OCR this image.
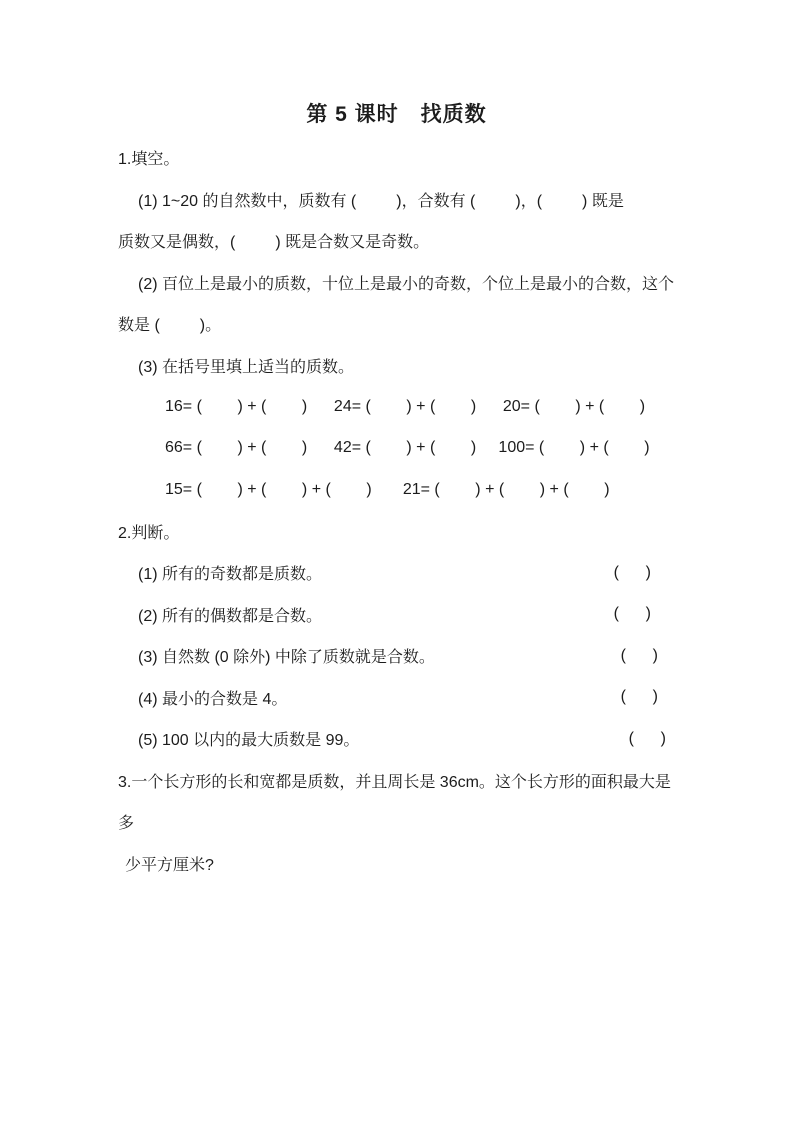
第 5 课时　找质数
1.填空。
(1) 1~20 的自然数中，质数有 (         )，合数有 (         )，(         ) 既是
质数又是偶数，(         ) 既是合数又是奇数。
(2) 百位上是最小的质数，十位上是最小的奇数，个位上是最小的合数，这个
数是 (         )。
(3) 在括号里填上适当的质数。
16= (        ) + (        )      24= (        ) + (        )      20= (        ) + (        )
66= (        ) + (        )      42= (        ) + (        )     100= (        ) + (        )
15= (        ) + (        ) + (        )       21= (        ) + (        ) + (        )
2.判断。
(1) 所有的奇数都是质数。	(      )
(2) 所有的偶数都是合数。	(      )
(3) 自然数 (0 除外) 中除了质数就是合数。	(      )
(4) 最小的合数是 4。	(      )
(5) 100 以内的最大质数是 99。	(      )
3.一个长方形的长和宽都是质数，并且周长是 36cm。这个长方形的面积最大是
多
少平方厘米?
